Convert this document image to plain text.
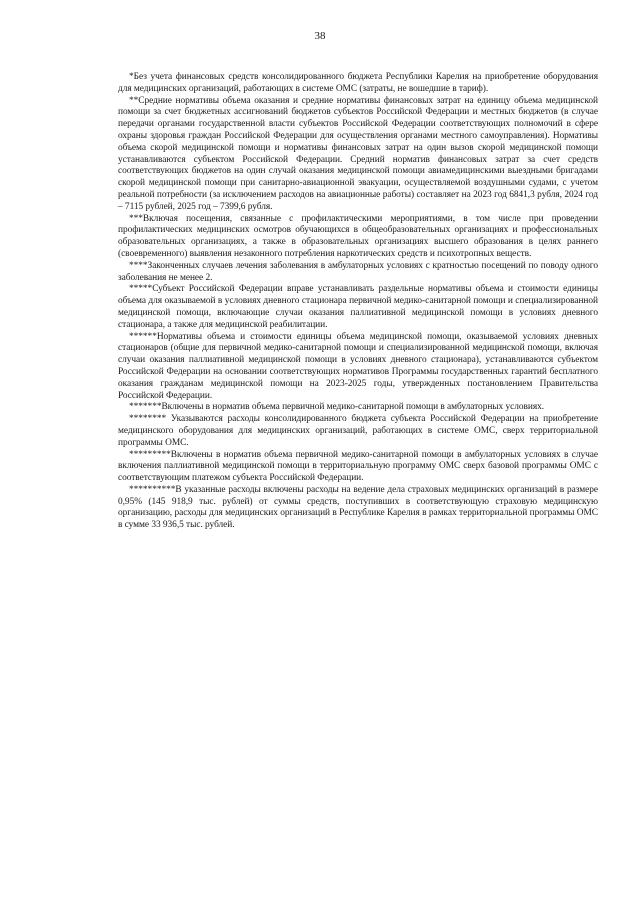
38

*Без учета финансовых средств консолидированного бюджета Республики Карелия на приобретение оборудования для медицинских организаций, работающих в системе ОМС (затраты, не вошедшие в тариф).

**Средние нормативы объема оказания и средние нормативы финансовых затрат на единицу объема медицинской помощи за счет бюджетных ассигнований бюджетов субъектов Российской Федерации и местных бюджетов (в случае передачи органами государственной власти субъектов Российской Федерации соответствующих полномочий в сфере охраны здоровья граждан Российской Федерации для осуществления органами местного самоуправления). Нормативы объема скорой медицинской помощи и нормативы финансовых затрат на один вызов скорой медицинской помощи устанавливаются субъектом Российской Федерации. Средний норматив финансовых затрат за счет средств соответствующих бюджетов на один случай оказания медицинской помощи авиамедицинскими выездными бригадами скорой медицинской помощи при санитарно-авиационной эвакуации, осуществляемой воздушными судами, с учетом реальной потребности (за исключением расходов на авиационные работы) составляет на 2023 год 6841,3 рубля, 2024 год – 7115 рублей, 2025 год – 7399,6 рубля.

***Включая посещения, связанные с профилактическими мероприятиями, в том числе при проведении профилактических медицинских осмотров обучающихся в общеобразовательных организациях и профессиональных образовательных организациях, а также в образовательных организациях высшего образования в целях раннего (своевременного) выявления незаконного потребления наркотических средств и психотропных веществ.

****Законченных случаев лечения заболевания в амбулаторных условиях с кратностью посещений по поводу одного заболевания не менее 2.

*****Субъект Российской Федерации вправе устанавливать раздельные нормативы объема и стоимости единицы объема для оказываемой в условиях дневного стационара первичной медико-санитарной помощи и специализированной медицинской помощи, включающие случаи оказания паллиативной медицинской помощи в условиях дневного стационара, а также для медицинской реабилитации.

******Нормативы объема и стоимости единицы объема медицинской помощи, оказываемой условиях дневных стационаров (общие для первичной медико-санитарной помощи и специализированной медицинской помощи, включая случаи оказания паллиативной медицинской помощи в условиях дневного стационара), устанавливаются субъектом Российской Федерации на основании соответствующих нормативов Программы государственных гарантий бесплатного оказания гражданам медицинской помощи на 2023-2025 годы, утвержденных постановлением Правительства Российской Федерации.

*******Включены в норматив объема первичной медико-санитарной помощи в амбулаторных условиях.

******** Указываются расходы консолидированного бюджета субъекта Российской Федерации на приобретение медицинского оборудования для медицинских организаций, работающих в системе ОМС, сверх территориальной программы ОМС.

*********Включены в норматив объема первичной медико-санитарной помощи в амбулаторных условиях в случае включения паллиативной медицинской помощи в территориальную программу ОМС сверх базовой программы ОМС с соответствующим платежом субъекта Российской Федерации.

**********В указанные расходы включены расходы на ведение дела страховых медицинских организаций в размере 0,95% (145 918,9 тыс. рублей) от суммы средств, поступивших в соответствующую страховую медицинскую организацию, расходы для медицинских организаций в Республике Карелия в рамках территориальной программы ОМС в сумме 33 936,5 тыс. рублей.
